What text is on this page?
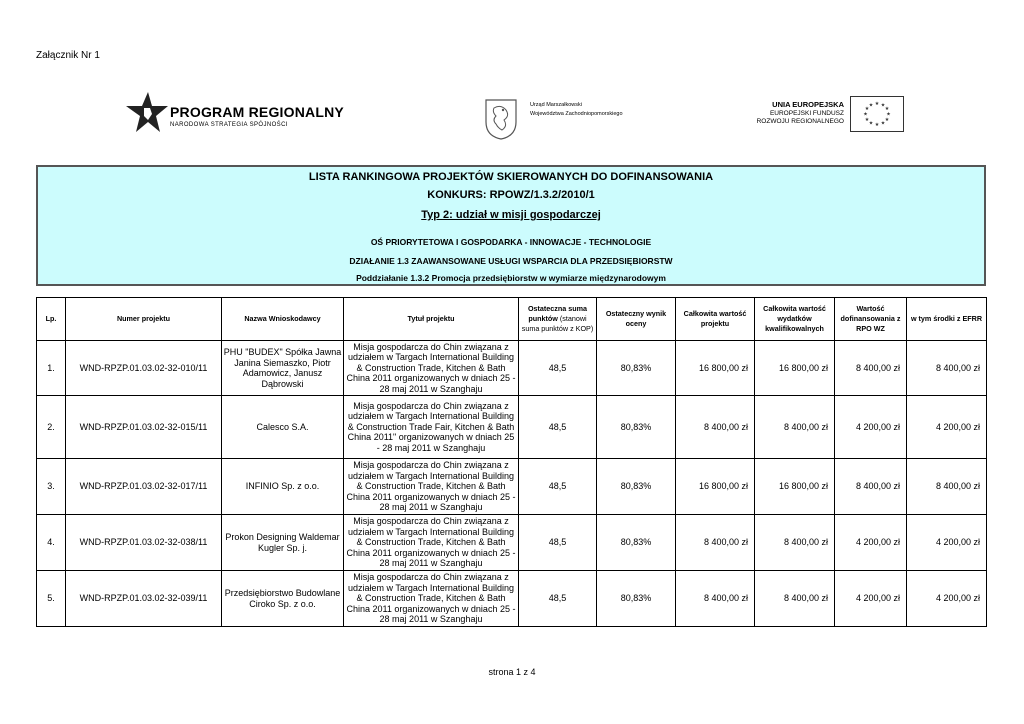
Załącznik Nr 1
PROGRAM REGIONALNY
NARODOWA STRATEGIA SPÓJNOŚCI
Urząd Marszałkowski
Województwa Zachodniopomorskiego
UNIA EUROPEJSKA
EUROPEJSKI FUNDUSZ
ROZWOJU REGIONALNEGO
★ ★
★
★
★
★
★
★
★
★
★
★
LISTA RANKINGOWA PROJEKTÓW SKIEROWANYCH DO DOFINANSOWANIA
KONKURS: RPOWZ/1.3.2/2010/1
Typ 2: udział w misji gospodarczej
OŚ PRIORYTETOWA I GOSPODARKA - INNOWACJE - TECHNOLOGIE
DZIAŁANIE 1.3 ZAAWANSOWANE USŁUGI WSPARCIA DLA PRZEDSIĘBIORSTW
Poddziałanie 1.3.2 Promocja przedsiębiorstw w wymiarze międzynarodowym
Lp.	Numer projektu	Nazwa Wnioskodawcy	Tytuł projektu	Ostateczna suma punktów (stanowi suma punktów z KOP)	Ostateczny wynik oceny	Całkowita wartość projektu	Całkowita wartość wydatków kwalifikowalnych	Wartość dofinansowania z RPO WZ	w tym środki z EFRR
1.	WND-RPZP.01.03.02-32-010/11	PHU "BUDEX" Spółka Jawna Janina Siemaszko, Piotr Adamowicz, Janusz Dąbrowski	Misja gospodarcza do Chin związana z udziałem w Targach International Building & Construction Trade, Kitchen & Bath China 2011 organizowanych w dniach 25 - 28 maj 2011 w Szanghaju	48,5	80,83%	16 800,00 zł	16 800,00 zł	8 400,00 zł	8 400,00 zł
2.	WND-RPZP.01.03.02-32-015/11	Calesco S.A.	Misja gospodarcza do Chin związana z udziałem w Targach International Building & Construction Trade Fair, Kitchen & Bath China 2011" organizowanych w dniach 25 - 28 maj 2011 w Szanghaju	48,5	80,83%	8 400,00 zł	8 400,00 zł	4 200,00 zł	4 200,00 zł
3.	WND-RPZP.01.03.02-32-017/11	INFINIO Sp. z o.o.	Misja gospodarcza do Chin związana z udziałem w Targach International Building & Construction Trade, Kitchen & Bath China 2011 organizowanych w dniach 25 - 28 maj 2011 w Szanghaju	48,5	80,83%	16 800,00 zł	16 800,00 zł	8 400,00 zł	8 400,00 zł
4.	WND-RPZP.01.03.02-32-038/11	Prokon Designing Waldemar Kugler Sp. j.	Misja gospodarcza do Chin związana z udziałem w Targach International Building & Construction Trade, Kitchen & Bath China 2011 organizowanych w dniach 25 - 28 maj 2011 w Szanghaju	48,5	80,83%	8 400,00 zł	8 400,00 zł	4 200,00 zł	4 200,00 zł
5.	WND-RPZP.01.03.02-32-039/11	Przedsiębiorstwo Budowlane Ciroko Sp. z o.o.	Misja gospodarcza do Chin związana z udziałem w Targach International Building & Construction Trade, Kitchen & Bath China 2011 organizowanych w dniach 25 - 28 maj 2011 w Szanghaju	48,5	80,83%	8 400,00 zł	8 400,00 zł	4 200,00 zł	4 200,00 zł
strona 1 z 4
